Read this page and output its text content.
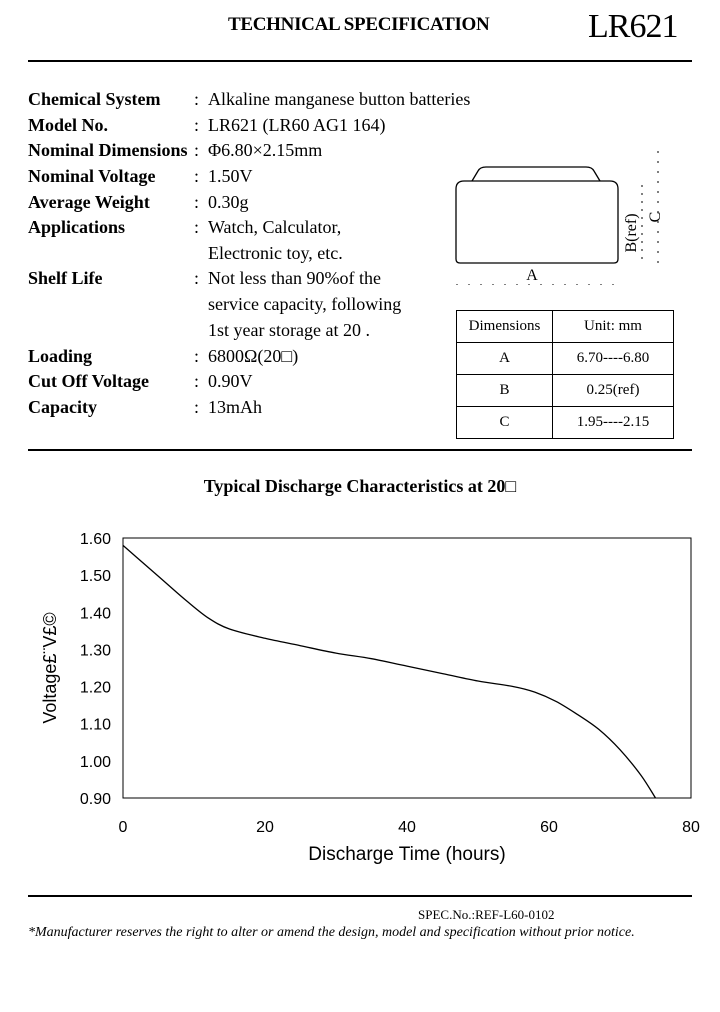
TECHNICAL SPECIFICATION	LR621
Chemical System : Alkaline manganese button batteries
Model No.	: LR621 (LR60 AG1 164)
Nominal Dimensions : Φ6.80×2.15mm
Nominal Voltage : 1.50V
Average Weight : 0.30g
Applications	: Watch, Calculator,
Electronic toy, etc.
Shelf Life	: Not less than 90%of the
service capacity, following
1st year storage at 20 .
Loading	: 6800Ω(20□)
Cut Off Voltage	: 0.90V
Capacity	: 13mAh
A
B(ref) C
Dimensions	Unit: mm
A	6.70----6.80
B	0.25(ref)
C	1.95----2.15
Typical Discharge Characteristics at 20□
1.60
1.50
1.40
1.30
1.20
1.10
1.00
0.90
0	20	40	60	80
Discharge Time (hours)
Voltage£¨V£©
SPEC.No.:REF-L60-0102
*Manufacturer reserves the right to alter or amend the design, model and specification without prior notice.
